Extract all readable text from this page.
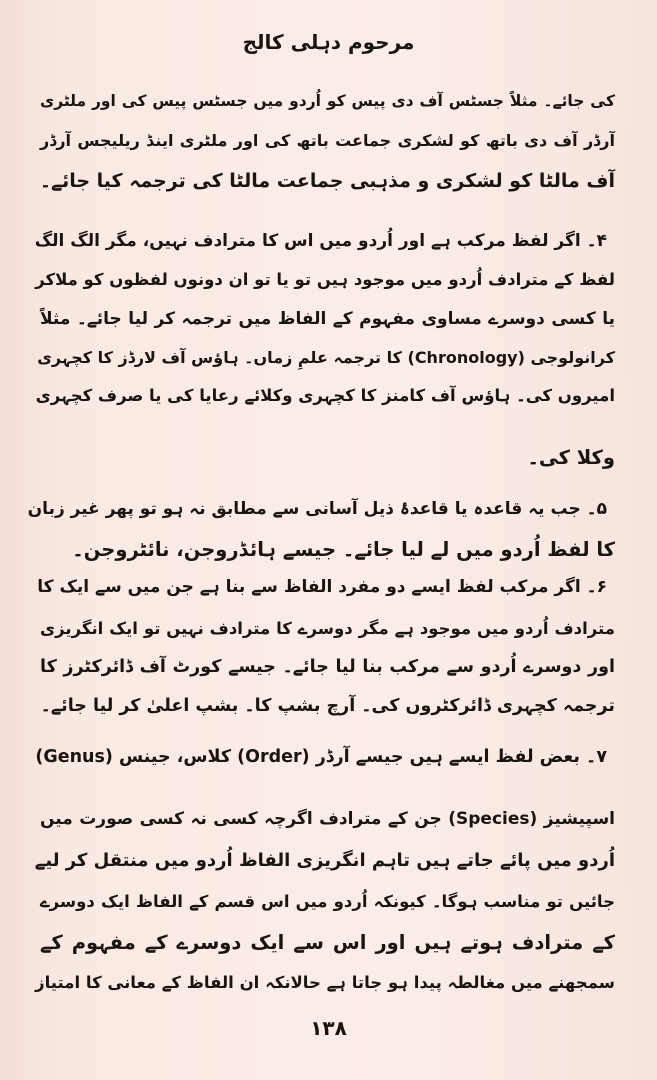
مرحوم دہلی کالج
کی جائے۔ مثلاً جسٹس آف دی پیس کو اُردو میں جسٹس پیس کی اور ملٹری
آرڈر آف دی باتھ کو لشکری جماعت باتھ کی اور ملٹری اینڈ ریلیجس آرڈر
آف مالٹا کو لشکری و مذہبی جماعت مالٹا کی ترجمہ کیا جائے۔
۴۔ اگر لفظ مرکب ہے اور اُردو میں اس کا مترادف نہیں، مگر الگ الگ
لفظ کے مترادف اُردو میں موجود ہیں تو یا تو ان دونوں لفظوں کو ملاکر
یا کسی دوسرے مساوی مفہوم کے الفاظ میں ترجمہ کر لیا جائے۔ مثلاً
کرانولوجی (Chronology) کا ترجمہ علمِ زماں۔ ہاؤس آف لارڈز کا کچہری
امیروں کی۔ ہاؤس آف کامنز کا کچہری وکلائے رعایا کی یا صرف کچہری
وکلا کی۔
۵۔ جب یہ قاعدہ یا قاعدۂ ذیل آسانی سے مطابق نہ ہو تو پھر غیر زبان
کا لفظ اُردو میں لے لیا جائے۔ جیسے ہائڈروجن، نائٹروجن۔
۶۔ اگر مرکب لفظ ایسے دو مفرد الفاظ سے بنا ہے جن میں سے ایک کا
مترادف اُردو میں موجود ہے مگر دوسرے کا مترادف نہیں تو ایک انگریزی
اور دوسرے اُردو سے مرکب بنا لیا جائے۔ جیسے کورٹ آف ڈائرکٹرز کا
ترجمہ کچہری ڈائرکٹروں کی۔ آرچ بشپ کا۔ بشپ اعلیٰ کر لیا جائے۔
۷۔ بعض لفظ ایسے ہیں جیسے آرڈر (Order) کلاس، جینس (Genus)
اسپیشیز (Species) جن کے مترادف اگرچہ کسی نہ کسی صورت میں
اُردو میں پائے جاتے ہیں تاہم انگریزی الفاظ اُردو میں منتقل کر لیے
جائیں تو مناسب ہوگا۔ کیونکہ اُردو میں اس قسم کے الفاظ ایک دوسرے
کے مترادف ہوتے ہیں اور اس سے ایک دوسرے کے مفہوم کے
سمجھنے میں مغالطہ پیدا ہو جاتا ہے حالانکہ ان الفاظ کے معانی کا امتیاز
۱۳۸
